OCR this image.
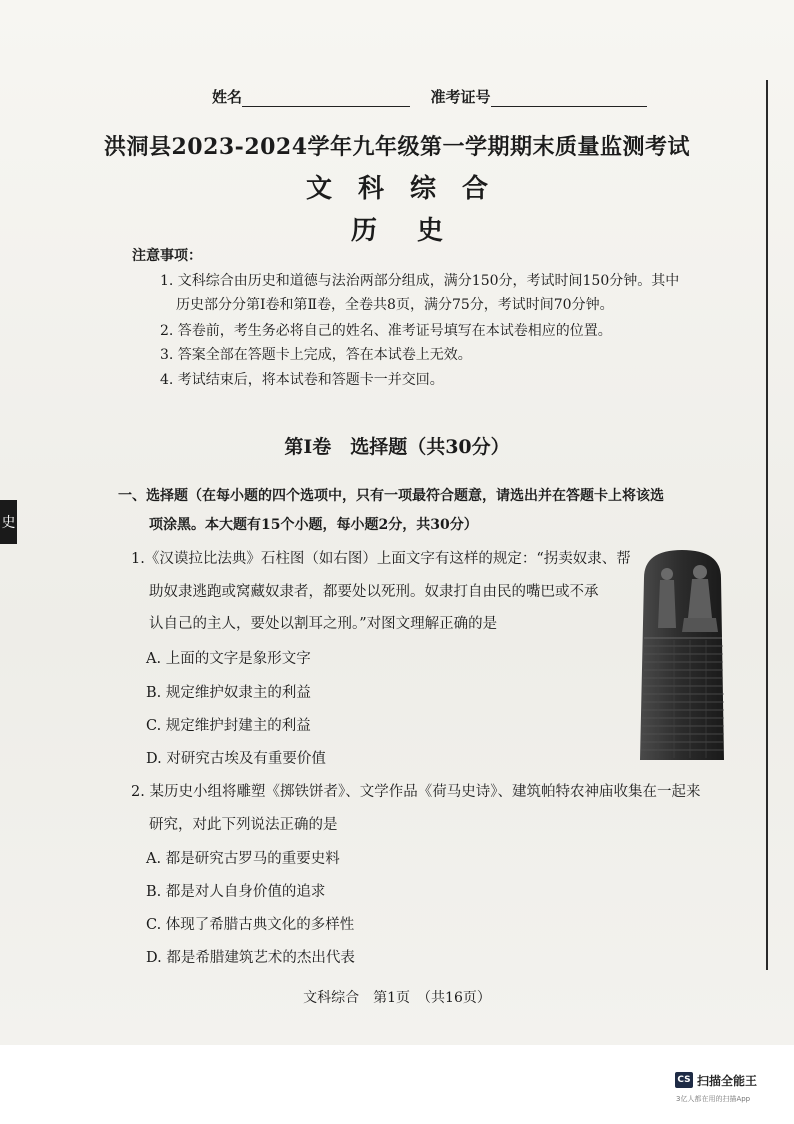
史
姓名	准考证号
洪洞县2023-2024学年九年级第一学期期末质量监测考试
文科综合
历史
注意事项：
1. 文科综合由历史和道德与法治两部分组成，满分150分，考试时间150分钟。其中
历史部分分第Ⅰ卷和第Ⅱ卷，全卷共8页，满分75分，考试时间70分钟。
2. 答卷前，考生务必将自己的姓名、准考证号填写在本试卷相应的位置。
3. 答案全部在答题卡上完成，答在本试卷上无效。
4. 考试结束后，将本试卷和答题卡一并交回。
第Ⅰ卷　选择题（共30分）
一、选择题（在每小题的四个选项中，只有一项最符合题意，请选出并在答题卡上将该选
项涂黑。本大题有15个小题，每小题2分，共30分）
1.《汉谟拉比法典》石柱图（如右图）上面文字有这样的规定：“拐卖奴隶、帮
助奴隶逃跑或窝藏奴隶者，都要处以死刑。奴隶打自由民的嘴巴或不承
认自己的主人，要处以割耳之刑。”对图文理解正确的是
A. 上面的文字是象形文字
B. 规定维护奴隶主的利益
C. 规定维护封建主的利益
D. 对研究古埃及有重要价值
2. 某历史小组将雕塑《掷铁饼者》、文学作品《荷马史诗》、建筑帕特农神庙收集在一起来
研究，对此下列说法正确的是
A. 都是研究古罗马的重要史料
B. 都是对人自身价值的追求
C. 体现了希腊古典文化的多样性
D. 都是希腊建筑艺术的杰出代表
文科综合　第1页　（共16页）
CS 扫描全能王
3亿人都在用的扫描App
